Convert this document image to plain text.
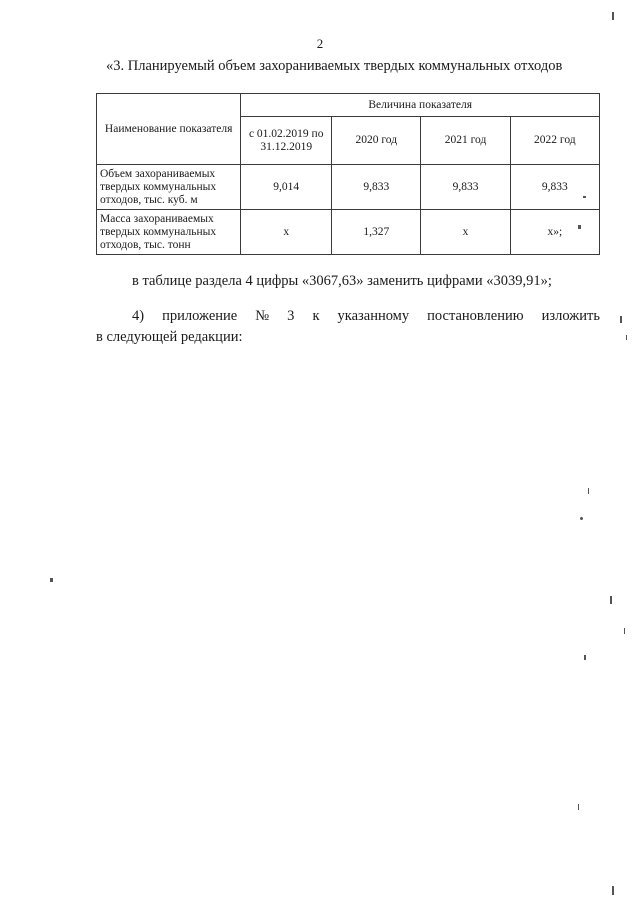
2
«3. Планируемый объем захораниваемых твердых коммунальных отходов
Наименование показателя	Величина показателя			
	с 01.02.2019 по 31.12.2019	2020 год	2021 год	2022 год
Объем захораниваемых твердых коммунальных отходов, тыс. куб. м	9,014	9,833	9,833	9,833
Масса захораниваемых твердых коммунальных отходов, тыс. тонн	х	1,327	х	х»;
в таблице раздела 4 цифры «3067,63» заменить цифрами «3039,91»;
4) приложение № 3 к указанному постановлению изложить
в следующей редакции:
